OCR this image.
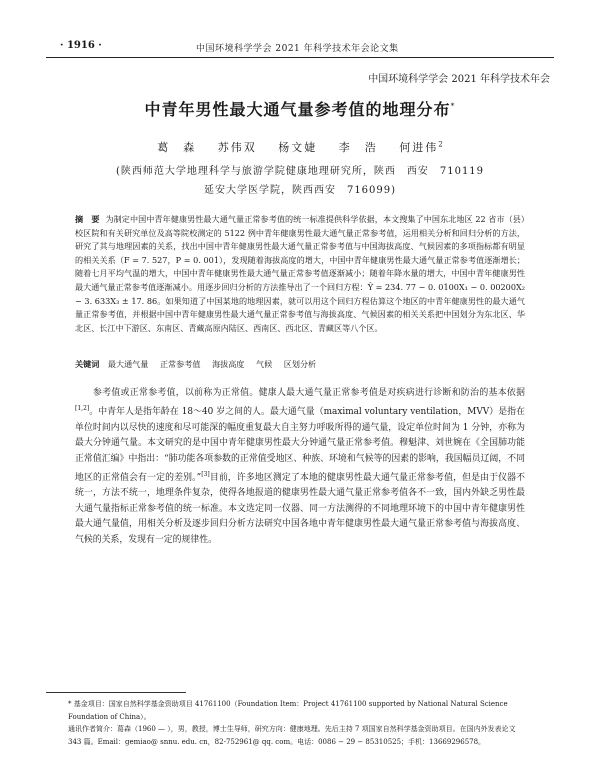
· 1916 ·	中国环境科学学会 2021 年科学技术年会论文集
中国环境科学学会 2021 年科学技术年会
中青年男性最大通气量参考值的地理分布*
葛　森 苏伟双 杨文婕 李　浩 何进伟$^2$
(陕西师范大学地理科学与旅游学院健康地理研究所，陕西　西安　710119
延安大学医学院，陕西西安　716099)
摘　要 为制定中国中青年健康男性最大通气量正常参考值的统一标准提供科学依据，本文搜集了中国东北地区 22 省市（县）校区院和有关研究单位及高等院校测定的 5122 例中青年健康男性最大通气量正常参考值，运用相关分析和回归分析的方法，研究了其与地理因素的关系，找出中国中青年健康男性最大通气量正常参考值与中国海拔高度、气候因素的多项指标都有明显的相关关系（F = 7. 527，P = 0. 001），发现随着海拔高度的增大，中国中青年健康男性最大通气量正常参考值逐渐增长；随着七月平均气温的增大，中国中青年健康男性最大通气量正常参考值逐渐减小；随着年降水量的增大，中国中青年健康男性最大通气量正常参考值逐渐减小。用逐步回归分析的方法推导出了一个回归方程：Ŷ = 234. 77 − 0. 0100X₁ − 0. 00200X₂ − 3. 633X₃ ± 17. 86。如果知道了中国某地的地理因素，就可以用这个回归方程估算这个地区的中青年健康男性的最大通气量正常参考值，并根据中国中青年健康男性最大通气量正常参考值与海拔高度、气候因素的相关关系把中国划分为东北区、华北区、长江中下游区、东南区、青藏高原内陆区、西南区、西北区、青藏区等八个区。
关键词 最大通气量 正常参考值 海拔高度 气候 区划分析
参考值或正常参考值，以前称为正常值。健康人最大通气量正常参考值是对疾病进行诊断和防治的基本依据[1,2]。中青年人是指年龄在 18～40 岁之间的人。最大通气量（maximal voluntary ventilation，MVV）是指在单位时间内以尽快的速度和尽可能深的幅度重复最大自主努力呼吸所得的通气量，设定单位时间为 1 分钟，亦称为最大分钟通气量。本文研究的是中国中青年健康男性最大分钟通气量正常参考值。穆魁津、刘世婉在《全国肺功能正常值汇编》中指出：“肺功能各项参数的正常值受地区、种族、环境和气候等的因素的影响，我国幅员辽阔，不同地区的正常值会有一定的差别。”[3]目前，许多地区测定了本地的健康男性最大通气量正常参考值，但是由于仪器不统一，方法不统一，地理条件复杂，使得各地报道的健康男性最大通气量正常参考值各不一致，国内外缺乏男性最大通气量指标正常参考值的统一标准。本文选定同一仪器、同一方法测得的不同地理环境下的中国中青年健康男性最大通气量值，用相关分析及逐步回归分析方法研究中国各地中青年健康男性最大通气量正常参考值与海拔高度、气候的关系，发现有一定的规律性。
* 基金项目：国家自然科学基金资助项目 41761100（Foundation Item：Project 41761100 supported by National Natural Science Foundation of China）。
通讯作者简介：葛森（1960 — ），男，教授，博士生导师，研究方向：健康地理。先后主持 7 项国家自然科学基金资助项目。在国内外发表论文 343 篇。Email：gemiao@ snnu. edu. cn，82-752961@ qq. com。电话：0086 − 29 − 85310525；手机：13669296578。
